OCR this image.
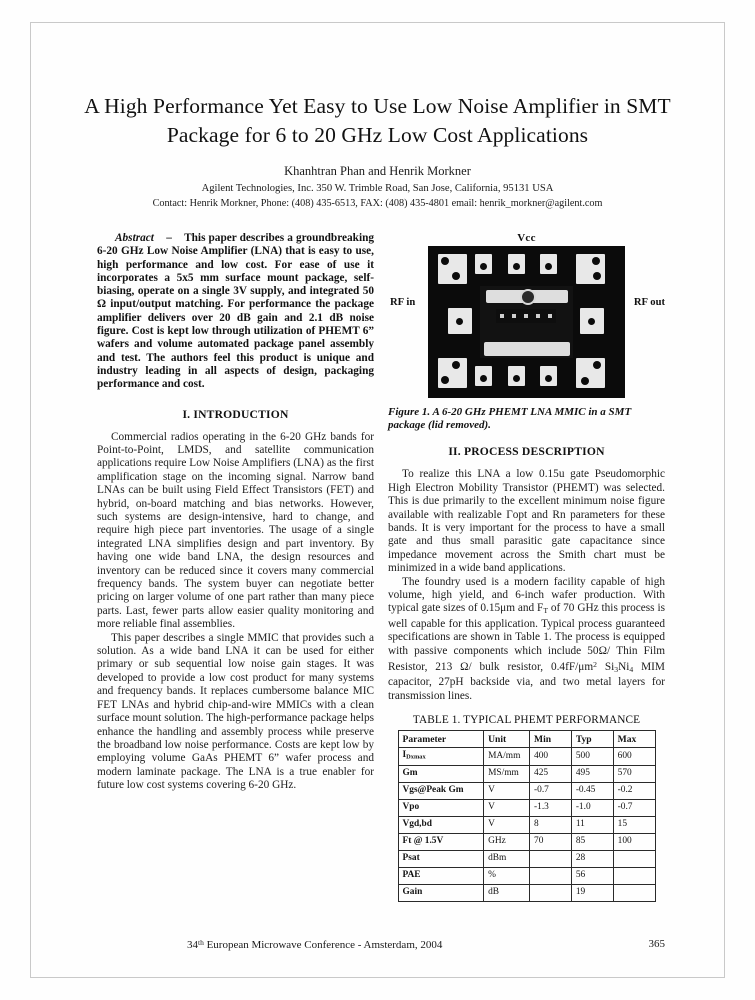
A High Performance Yet Easy to Use Low Noise Amplifier in SMT Package for 6 to 20 GHz Low Cost Applications
Khanhtran Phan and Henrik Morkner
Agilent Technologies, Inc. 350 W. Trimble Road, San Jose, California, 95131 USA
Contact: Henrik Morkner, Phone: (408) 435-6513, FAX: (408) 435-4801 email: henrik_morkner@agilent.com

Abstract – This paper describes a groundbreaking 6-20 GHz Low Noise Amplifier (LNA) that is easy to use, high performance and low cost. For ease of use it incorporates a 5x5 mm surface mount package, self-biasing, operate on a single 3V supply, and integrated 50 Ω input/output matching. For performance the package amplifier delivers over 20 dB gain and 2.1 dB noise figure. Cost is kept low through utilization of PHEMT 6” wafers and volume automated package panel assembly and test. The authors feel this product is unique and industry leading in all aspects of design, packaging performance and cost.

I. INTRODUCTION

Commercial radios operating in the 6-20 GHz bands for Point-to-Point, LMDS, and satellite communication applications require Low Noise Amplifiers (LNA) as the first amplification stage on the incoming signal. Narrow band LNAs can be built using Field Effect Transistors (FET) and hybrid, on-board matching and bias networks. However, such systems are design-intensive, hard to change, and require high piece part inventories. The usage of a single integrated LNA simplifies design and part inventory. By having one wide band LNA, the design resources and inventory can be reduced since it covers many commercial frequency bands. The system buyer can negotiate better pricing on larger volume of one part rather than many piece parts. Last, fewer parts allow easier quality monitoring and more reliable final assemblies.

This paper describes a single MMIC that provides such a solution. As a wide band LNA it can be used for either primary or sub sequential low noise gain stages. It was developed to provide a low cost product for many systems and frequency bands. It replaces cumbersome balance MIC FET LNAs and hybrid chip-and-wire MMICs with a clean surface mount solution. The high-performance package helps enhance the handling and assembly process while preserve the broadband low noise performance. Costs are kept low by employing volume GaAs PHEMT 6” wafer process and modern laminate package. The LNA is a true enabler for future low cost systems covering 6-20 GHz.

Vcc
RF in	RF out
Figure 1. A 6-20 GHz PHEMT LNA MMIC in a SMT package (lid removed).
II. PROCESS DESCRIPTION

To realize this LNA a low 0.15u gate Pseudomorphic High Electron Mobility Transistor (PHEMT) was selected. This is due primarily to the excellent minimum noise figure available with realizable Γopt and Rn parameters for these bands. It is very important for the process to have a small gate and thus small parasitic gate capacitance since impedance movement across the Smith chart must be minimized in a wide band applications.

The foundry used is a modern facility capable of high volume, high yield, and 6-inch wafer production. With typical gate sizes of 0.15μm and $F_T$ of 70 GHz this process is well capable for this application. Typical process guaranteed specifications are shown in Table 1. The process is equipped with passive components which include 50Ω/ Thin Film Resistor, 213 Ω/ bulk resistor, $0.4fF/\mu m^2$ $Si_3Ni_4$ MIM capacitor, 27pH backside via, and two metal layers for transmission lines.

TABLE 1. TYPICAL PHEMT PERFORMANCE
Parameter	Unit	Min	Typ	Max
$I_{Dxmax}$	MA/mm	400	500	600
Gm	MS/mm	425	495	570
Vgs@Peak Gm	V	-0.7	-0.45	-0.2
Vpo	V	-1.3	-1.0	-0.7
Vgd,bd	V	8	11	15
Ft @ 1.5V	GHz	70	85	100
Psat	dBm		28	
PAE	%		56	
Gain	dB		19	
34th European Microwave Conference - Amsterdam, 2004	365
